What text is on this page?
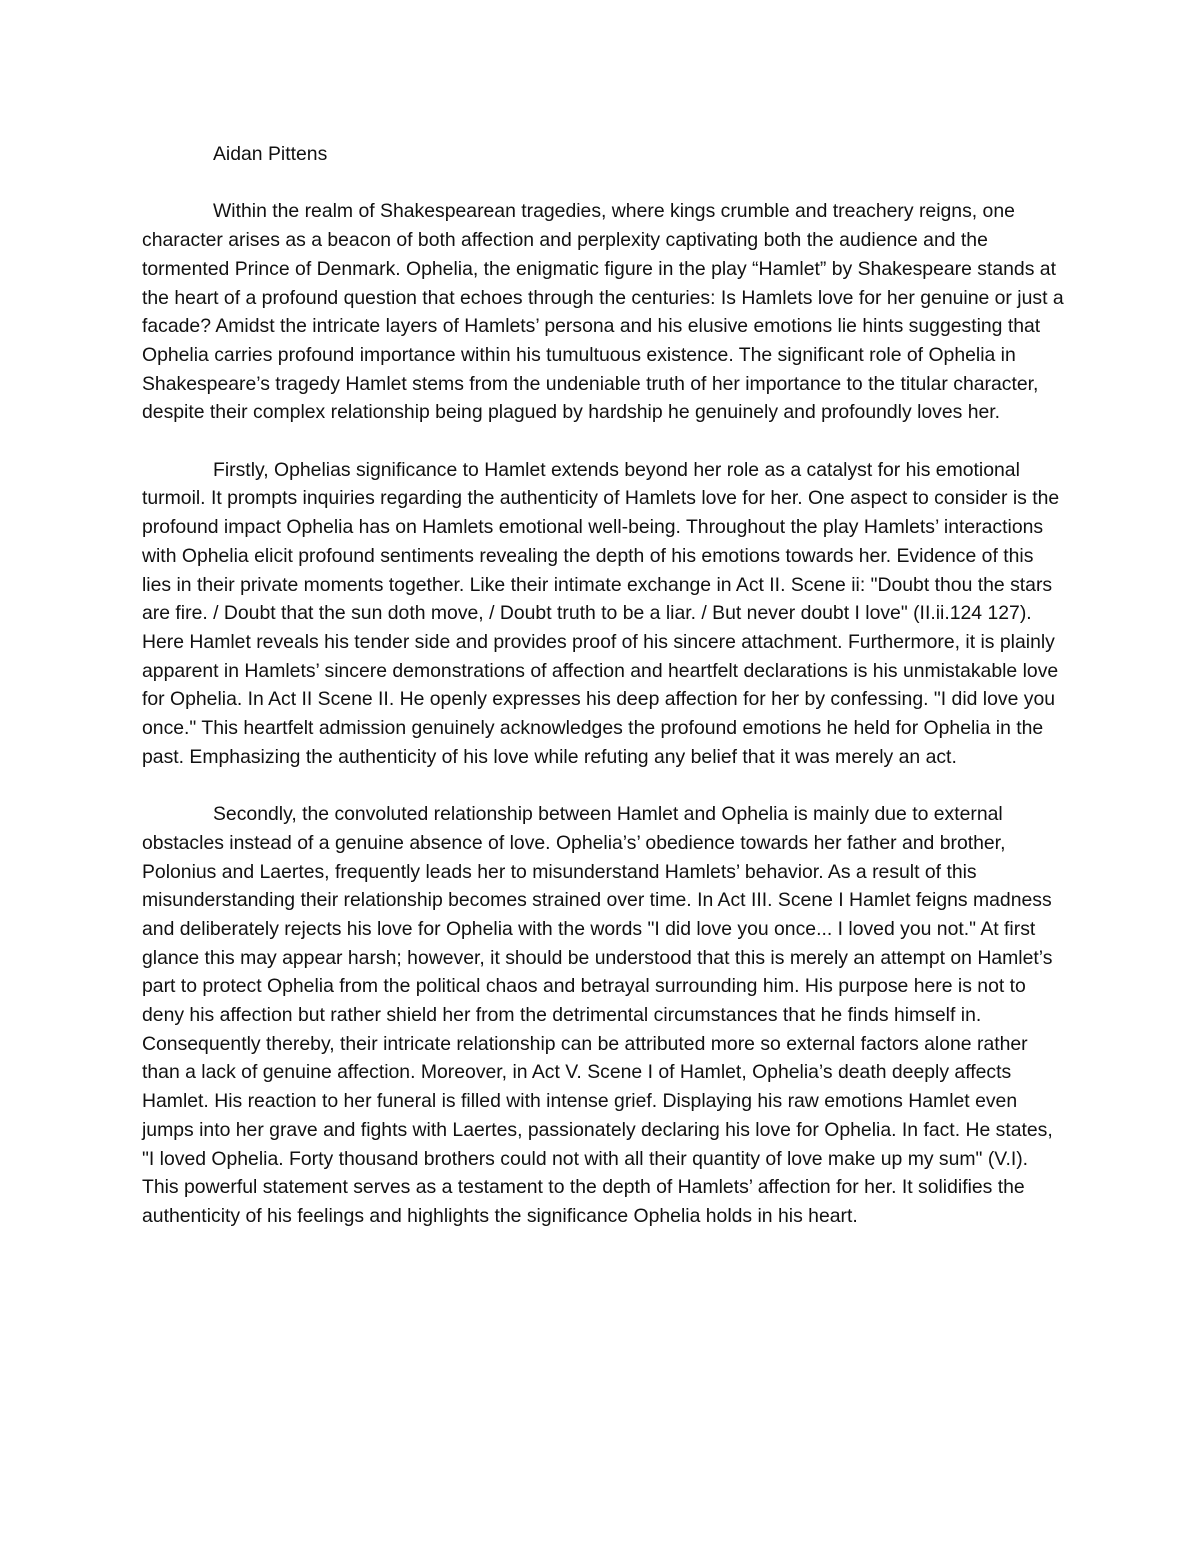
Aidan Pittens

Within the realm of Shakespearean tragedies, where kings crumble and treachery reigns, one character arises as a beacon of both affection and perplexity captivating both the audience and the tormented Prince of Denmark. Ophelia, the enigmatic figure in the play “Hamlet” by Shakespeare stands at the heart of a profound question that echoes through the centuries: Is Hamlets love for her genuine or just a facade? Amidst the intricate layers of Hamlets’ persona and his elusive emotions lie hints suggesting that Ophelia carries profound importance within his tumultuous existence. The significant role of Ophelia in Shakespeare’s tragedy Hamlet stems from the undeniable truth of her importance to the titular character, despite their complex relationship being plagued by hardship he genuinely and profoundly loves her.

Firstly, Ophelias significance to Hamlet extends beyond her role as a catalyst for his emotional turmoil. It prompts inquiries regarding the authenticity of Hamlets love for her. One aspect to consider is the profound impact Ophelia has on Hamlets emotional well-being. Throughout the play Hamlets’ interactions with Ophelia elicit profound sentiments revealing the depth of his emotions towards her. Evidence of this lies in their private moments together. Like their intimate exchange in Act II. Scene ii: "Doubt thou the stars are fire. / Doubt that the sun doth move, / Doubt truth to be a liar. / But never doubt I love" (II.ii.124 127). Here Hamlet reveals his tender side and provides proof of his sincere attachment. Furthermore, it is plainly apparent in Hamlets’ sincere demonstrations of affection and heartfelt declarations is his unmistakable love for Ophelia. In Act II Scene II. He openly expresses his deep affection for her by confessing. "I did love you once." This heartfelt admission genuinely acknowledges the profound emotions he held for Ophelia in the past. Emphasizing the authenticity of his love while refuting any belief that it was merely an act.

Secondly, the convoluted relationship between Hamlet and Ophelia is mainly due to external obstacles instead of a genuine absence of love. Ophelia’s’ obedience towards her father and brother, Polonius and Laertes, frequently leads her to misunderstand Hamlets’ behavior. As a result of this misunderstanding their relationship becomes strained over time. In Act III. Scene I Hamlet feigns madness and deliberately rejects his love for Ophelia with the words "I did love you once... I loved you not." At first glance this may appear harsh; however, it should be understood that this is merely an attempt on Hamlet’s part to protect Ophelia from the political chaos and betrayal surrounding him. His purpose here is not to deny his affection but rather shield her from the detrimental circumstances that he finds himself in. Consequently thereby, their intricate relationship can be attributed more so external factors alone rather than a lack of genuine affection. Moreover, in Act V. Scene I of Hamlet, Ophelia’s death deeply affects Hamlet. His reaction to her funeral is filled with intense grief. Displaying his raw emotions Hamlet even jumps into her grave and fights with Laertes, passionately declaring his love for Ophelia. In fact. He states, "I loved Ophelia. Forty thousand brothers could not with all their quantity of love make up my sum" (V.I). This powerful statement serves as a testament to the depth of Hamlets’ affection for her. It solidifies the authenticity of his feelings and highlights the significance Ophelia holds in his heart.
